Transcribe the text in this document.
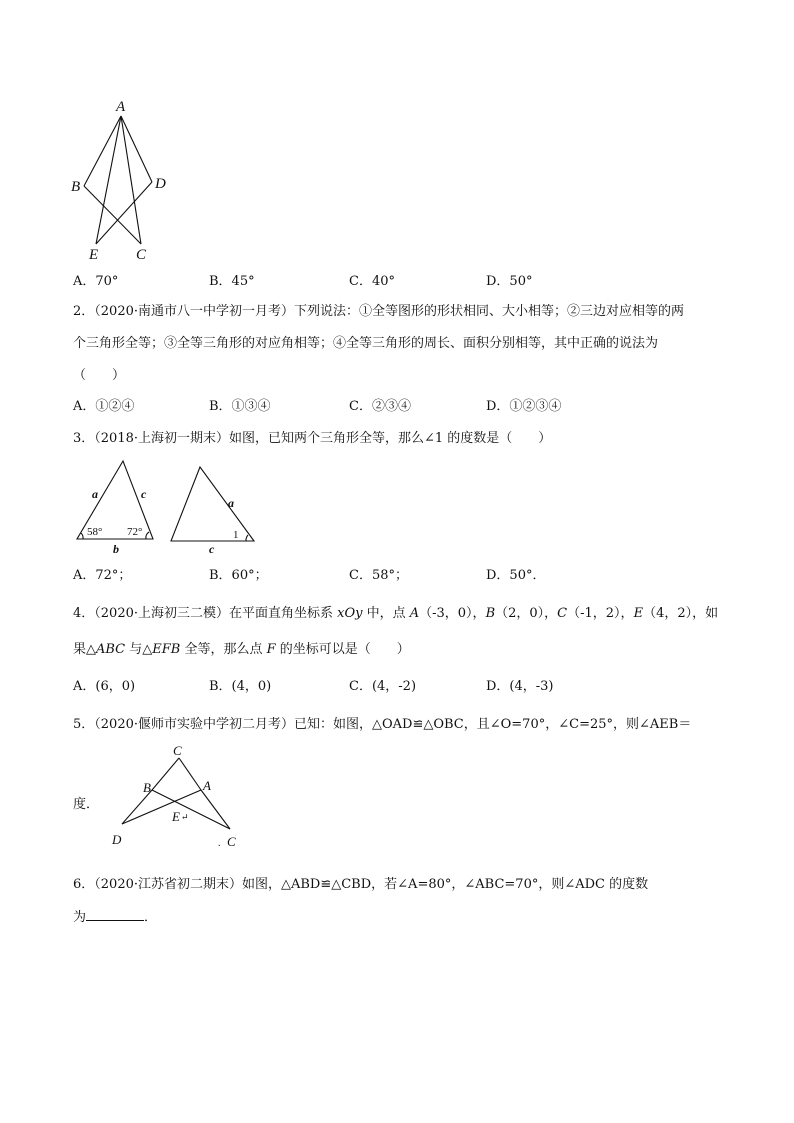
A
B	D
E	C
A．70°	B．45°	C．40°	D．50°
2．（2020·南通市八一中学初一月考）下列说法：①全等图形的形状相同、大小相等；②三边对应相等的两
个三角形全等；③全等三角形的对应角相等；④全等三角形的周长、面积分别相等，其中正确的说法为
（　　）
A．①②④	B．①③④	C．②③④	D．①②③④
3．（2018·上海初一期末）如图，已知两个三角形全等，那么∠1 的度数是（　　）
a	c
b
58° 72°
a
c
1
A．72°；	B．60°；	C．58°；	D．50°．
4．（2020·上海初三二模）在平面直角坐标系 xOy 中，点 A（-3，0），B（2，0），C（-1，2），E（4，2），如
果△ABC 与△EFB 全等，那么点 F 的坐标可以是（　　）
A．(6，0)	B．(4，0)	C．(4，-2)	D．(4，-3)
5．（2020·偃师市实验中学初二月考）已知：如图，△OAD≌△OBC，且∠O=70°，∠C=25°，则∠AEB＝
度．
C
B	A
E ↵
D	C
.
6．（2020·江苏省初二期末）如图，△ABD≌△CBD，若∠A=80°，∠ABC=70°，则∠ADC 的度数
为	．
